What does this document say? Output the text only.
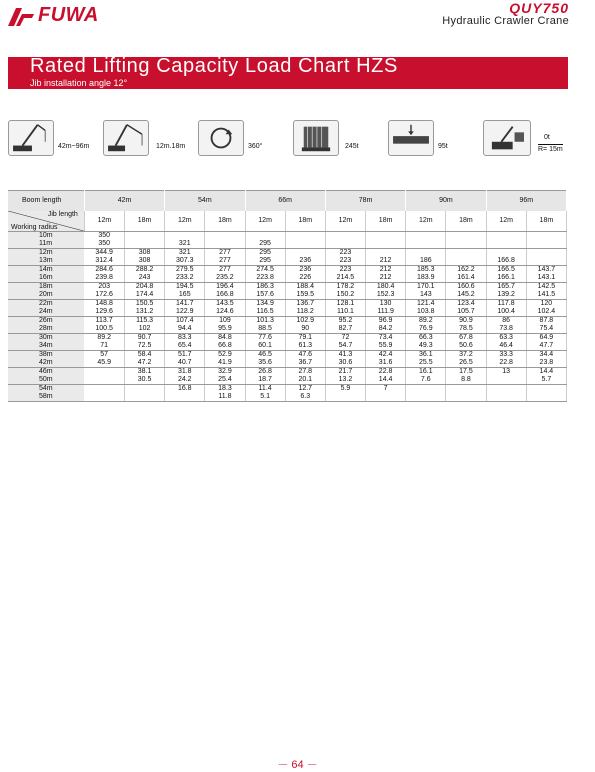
FUWA	QUY750
Hydraulic Crawler Crane
Rated Lifting Capacity Load Chart HZS
Jib installation angle 12°
42m~96m	12m.18m	360°	245t	95t
0t
R= 15m
Boom length	42m		54m		66m		78m		90m		96m	

Jib length
Working radius	12m	18m	12m	18m	12m	18m	12m	18m	12m	18m	12m	18m
10m	350											
11m	350		321		295							
12m	344.9	308	321	277	295		223					
13m	312.4	308	307.3	277	295	236	223	212	186		166.8	
14m	284.6	288.2	279.5	277	274.5	236	223	212	185.3	162.2	166.5	143.7
16m	239.8	243	233.2	235.2	223.8	226	214.5	212	183.9	161.4	166.1	143.1
18m	203	204.8	194.5	196.4	186.3	188.4	178.2	180.4	170.1	160.6	165.7	142.5
20m	172.6	174.4	165	166.8	157.6	159.5	150.2	152.3	143	145.2	139.2	141.5
22m	148.8	150.5	141.7	143.5	134.9	136.7	128.1	130	121.4	123.4	117.8	120
24m	129.6	131.2	122.9	124.6	116.5	118.2	110.1	111.9	103.8	105.7	100.4	102.4
26m	113.7	115.3	107.4	109	101.3	102.9	95.2	96.9	89.2	90.9	86	87.8
28m	100.5	102	94.4	95.9	88.5	90	82.7	84.2	76.9	78.5	73.8	75.4
30m	89.2	90.7	83.3	84.8	77.6	79.1	72	73.4	66.3	67.8	63.3	64.9
34m	71	72.5	65.4	66.8	60.1	61.3	54.7	55.9	49.3	50.6	46.4	47.7
38m	57	58.4	51.7	52.9	46.5	47.6	41.3	42.4	36.1	37.2	33.3	34.4
42m	45.9	47.2	40.7	41.9	35.6	36.7	30.6	31.6	25.5	26.5	22.8	23.8
46m		38.1	31.8	32.9	26.8	27.8	21.7	22.8	16.1	17.5	13	14.4
50m		30.5	24.2	25.4	18.7	20.1	13.2	14.4	7.6	8.8		5.7
54m			16.8	18.3	11.4	12.7	5.9	7				
58m				11.8	5.1	6.3						
－ 64 －
